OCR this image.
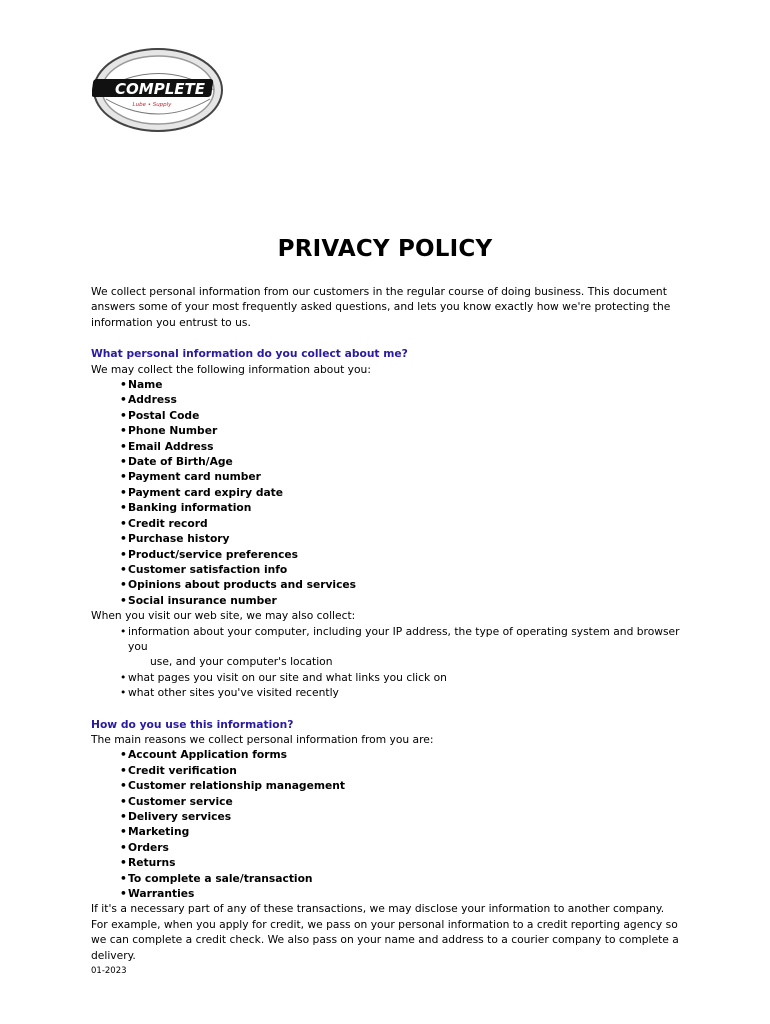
COMPLETE
Lube • Supply
PRIVACY POLICY

We collect personal information from our customers in the regular course of doing business. This document answers some of your most frequently asked questions, and lets you know exactly how we're protecting the information you entrust to us.

What personal information do you collect about me?

We may collect the following information about you:

• Name
• Address
• Postal Code
• Phone Number
• Email Address
• Date of Birth/Age
• Payment card number
• Payment card expiry date
• Banking information
• Credit record
• Purchase history
• Product/service preferences
• Customer satisfaction info
• Opinions about products and services
• Social insurance number

When you visit our web site, we may also collect:

• information about your computer, including your IP address, the type of operating system and browser you
use, and your computer's location
• what pages you visit on our site and what links you click on
• what other sites you've visited recently

How do you use this information?

The main reasons we collect personal information from you are:

• Account Application forms
• Credit verification
• Customer relationship management
• Customer service
• Delivery services
• Marketing
• Orders
• Returns
• To complete a sale/transaction
• Warranties

If it's a necessary part of any of these transactions, we may disclose your information to another company. For example, when you apply for credit, we pass on your personal information to a credit reporting agency so we can complete a credit check. We also pass on your name and address to a courier company to complete a delivery.

01-2023
